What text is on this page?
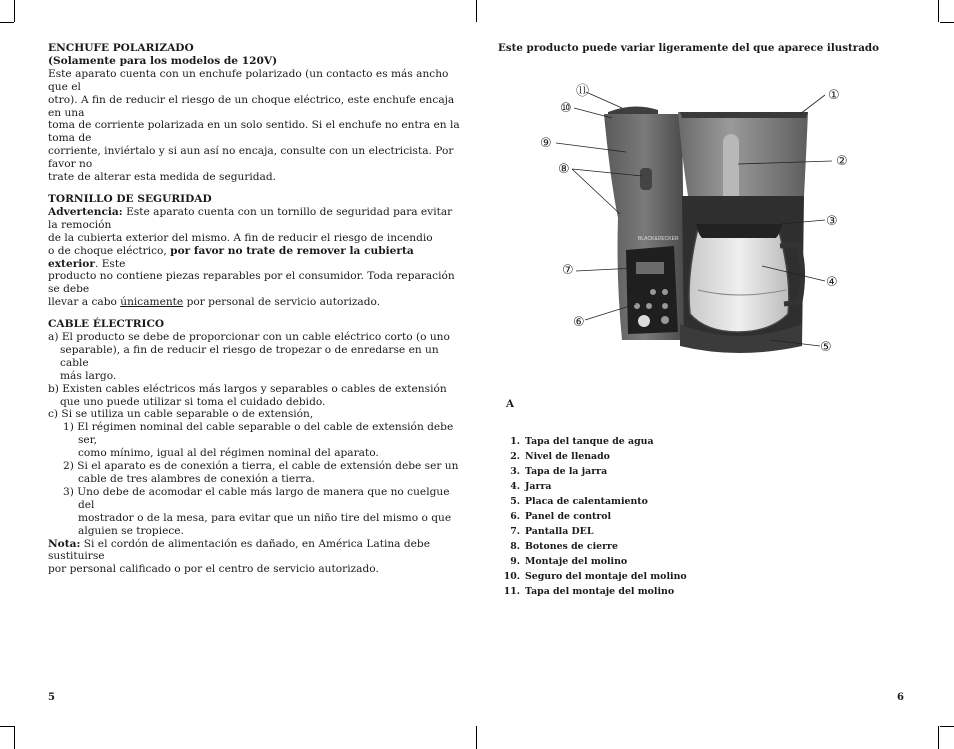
ENCHUFE POLARIZADO

(Solamente para los modelos de 120V)

Este aparato cuenta con un enchufe polarizado (un contacto es más ancho que el

otro). A fin de reducir el riesgo de un choque eléctrico, este enchufe encaja en una

toma de corriente polarizada en un solo sentido. Si el enchufe no entra en la toma de

corriente, inviértalo y si aun así no encaja, consulte con un electricista. Por favor no

trate de alterar esta medida de seguridad.

TORNILLO DE SEGURIDAD

Advertencia: Este aparato cuenta con un tornillo de seguridad para evitar la remoción

de la cubierta exterior del mismo. A fin de reducir el riesgo de incendio

o de choque eléctrico, por favor no trate de remover la cubierta exterior. Este

producto no contiene piezas reparables por el consumidor. Toda reparación se debe

llevar a cabo únicamente por personal de servicio autorizado.

CABLE ÉLECTRICO

a) El producto se debe de proporcionar con un cable eléctrico corto (o uno
separable), a fin de reducir el riesgo de tropezar o de enredarse en un cable
más largo.

b) Existen cables eléctricos más largos y separables o cables de extensión
que uno puede utilizar si toma el cuidado debido.

c) Si se utiliza un cable separable o de extensión,

1) El régimen nominal del cable separable o del cable de extensión debe ser,
como mínimo, igual al del régimen nominal del aparato.

2) Si el aparato es de conexión a tierra, el cable de extensión debe ser un
cable de tres alambres de conexión a tierra.

3) Uno debe de acomodar el cable más largo de manera que no cuelgue del
mostrador o de la mesa, para evitar que un niño tire del mismo o que
alguien se tropiece.

Nota: Si el cordón de alimentación es dañado, en América Latina debe sustituirse

por personal calificado o por el centro de servicio autorizado.

5
Este producto puede variar ligeramente del que aparece ilustrado
BLACK&DECKER
①
②
③
④
⑤
⑥
⑦
⑧
⑨
⑩
⑪
A
1. Tapa del tanque de agua
2. Nivel de llenado
3. Tapa de la jarra
4. Jarra
5. Placa de calentamiento
6. Panel de control
7. Pantalla DEL
8. Botones de cierre
9. Montaje del molino
10. Seguro del montaje del molino
11. Tapa del montaje del molino
6
